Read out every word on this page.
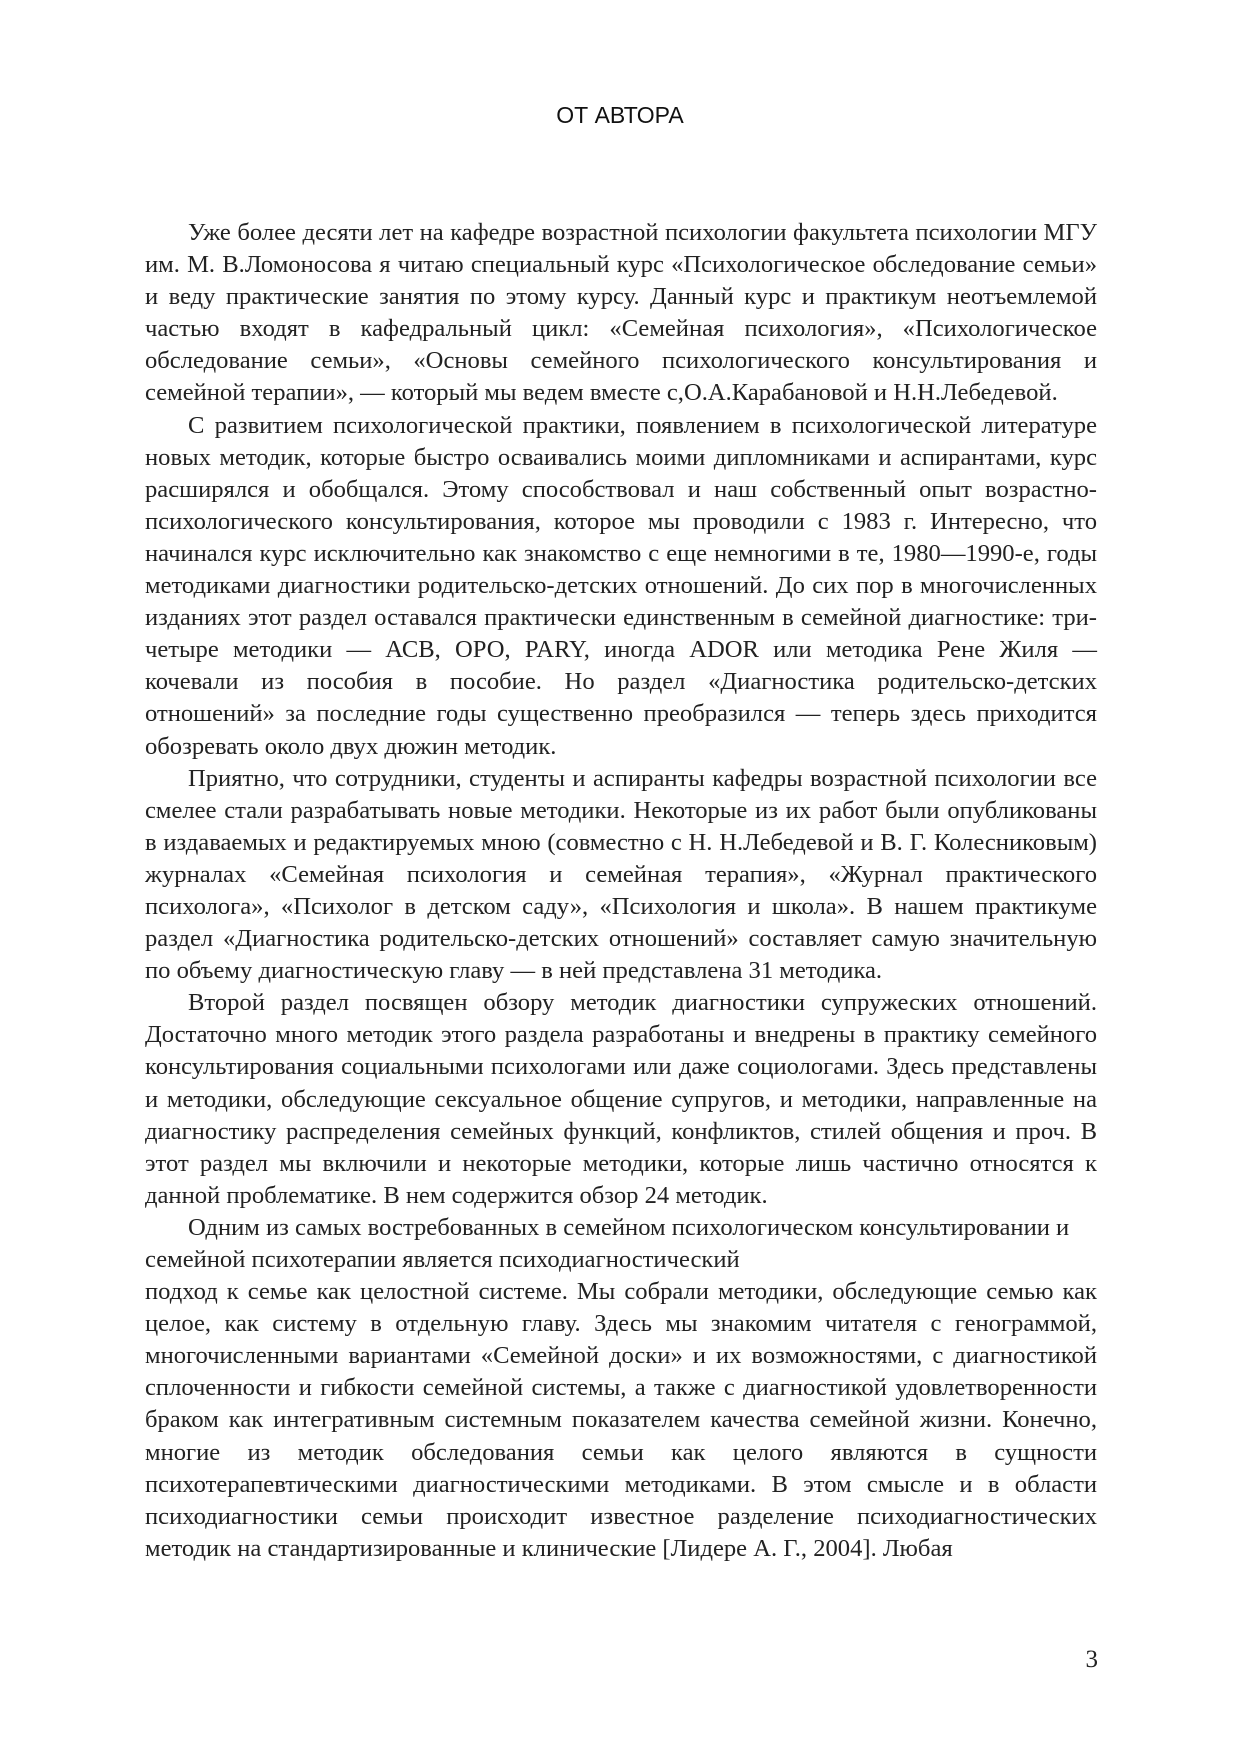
ОТ АВТОРА

Уже более десяти лет на кафедре возрастной психологии факультета психологии МГУ им. М. В.Ломоносова я читаю специальный курс «Психологическое обследование семьи» и веду практические занятия по этому курсу. Данный курс и практикум неотъемлемой частью входят в кафедральный цикл: «Семейная психология», «Психологическое обследование семьи», «Основы семейного психологического консультирования и семейной терапии», — который мы ведем вместе с,О.А.Карабановой и Н.Н.Лебедевой.

С развитием психологической практики, появлением в психологической литературе новых методик, которые быстро осваивались моими дипломниками и аспирантами, курс расширялся и обобщался. Этому способствовал и наш собственный опыт возрастно-психологического консультирования, которое мы проводили с 1983 г. Интересно, что начинался курс исключительно как знакомство с еще немногими в те, 1980—1990-е, годы методиками диагностики родительско-детских отношений. До сих пор в многочисленных изданиях этот раздел оставался практически единственным в семейной диагностике: три-четыре методики — АСВ, ОРО, PARY, иногда ADOR или методика Рене Жиля — кочевали из пособия в пособие. Но раздел «Диагностика родительско-детских отношений» за последние годы существенно преобразился — теперь здесь приходится обозревать около двух дюжин методик.

Приятно, что сотрудники, студенты и аспиранты кафедры возрастной психологии все смелее стали разрабатывать новые методики. Некоторые из их работ были опубликованы в издаваемых и редактируемых мною (совместно с Н. Н.Лебедевой и В. Г. Колесниковым) журналах «Семейная психология и семейная терапия», «Журнал практического психолога», «Психолог в детском саду», «Психология и школа». В нашем практикуме раздел «Диагностика родительско-детских отношений» составляет самую значительную по объему диагностическую главу — в ней представлена 31 методика.

Второй раздел посвящен обзору методик диагностики супружеских отношений. Достаточно много методик этого раздела разработаны и внедрены в практику семейного консультирования социальными психологами или даже социологами. Здесь представлены и методики, обследующие сексуальное общение супругов, и методики, направленные на диагностику распределения семейных функций, конфликтов, стилей общения и проч. В этот раздел мы включили и некоторые методики, которые лишь частично относятся к данной проблематике. В нем содержится обзор 24 методик.

Одним из самых востребованных в семейном психологическом консультировании и семейной психотерапии является психодиагностический

подход к семье как целостной системе. Мы собрали методики, обследующие семью как целое, как систему в отдельную главу. Здесь мы знакомим читателя с генограммой, многочисленными вариантами «Семейной доски» и их возможностями, с диагностикой сплоченности и гибкости семейной системы, а также с диагностикой удовлетворенности браком как интегративным системным показателем качества семейной жизни. Конечно, многие из методик обследования семьи как целого являются в сущности психотерапевтическими диагностическими методиками. В этом смысле и в области психодиагностики семьи происходит известное разделение психодиагностических методик на стандартизированные и клинические [Лидере А. Г., 2004]. Любая

3
